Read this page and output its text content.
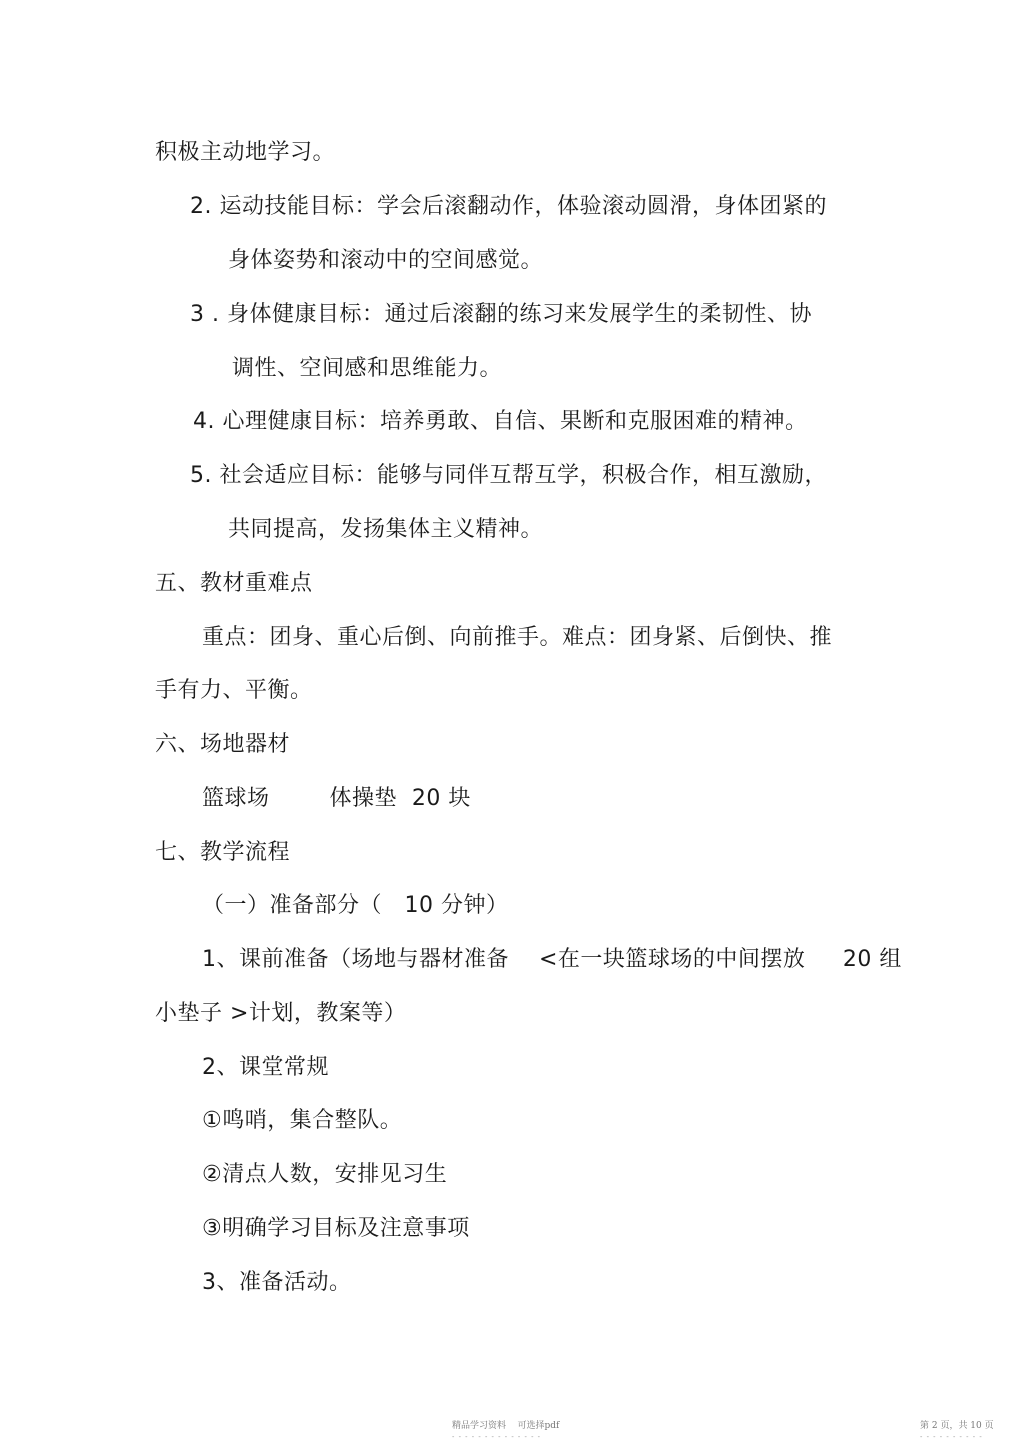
积极主动地学习。
2. 运动技能目标：学会后滚翻动作，体验滚动圆滑，身体团紧的
身体姿势和滚动中的空间感觉。
3 . 身体健康目标：通过后滚翻的练习来发展学生的柔韧性、协
调性、空间感和思维能力。
4. 心理健康目标：培养勇敢、自信、果断和克服困难的精神。
5. 社会适应目标：能够与同伴互帮互学，积极合作，相互激励，
共同提高，发扬集体主义精神。
五、教材重难点
重点：团身、重心后倒、向前推手。难点：团身紧、后倒快、推
手有力、平衡。
六、场地器材
篮球场        体操垫  20 块
七、教学流程
（一）准备部分（   10 分钟）
1、课前准备（场地与器材准备    <在一块篮球场的中间摆放     20 组
小垫子 >计划，教案等）
2、课堂常规
①鸣哨，集合整队。
②清点人数，安排见习生
③明确学习目标及注意事项
3、准备活动。
精品学习资料    可选择pdf
- - - - - - - - - - - - - -
第 2 页，共 10 页
- - - - - - - - - -
